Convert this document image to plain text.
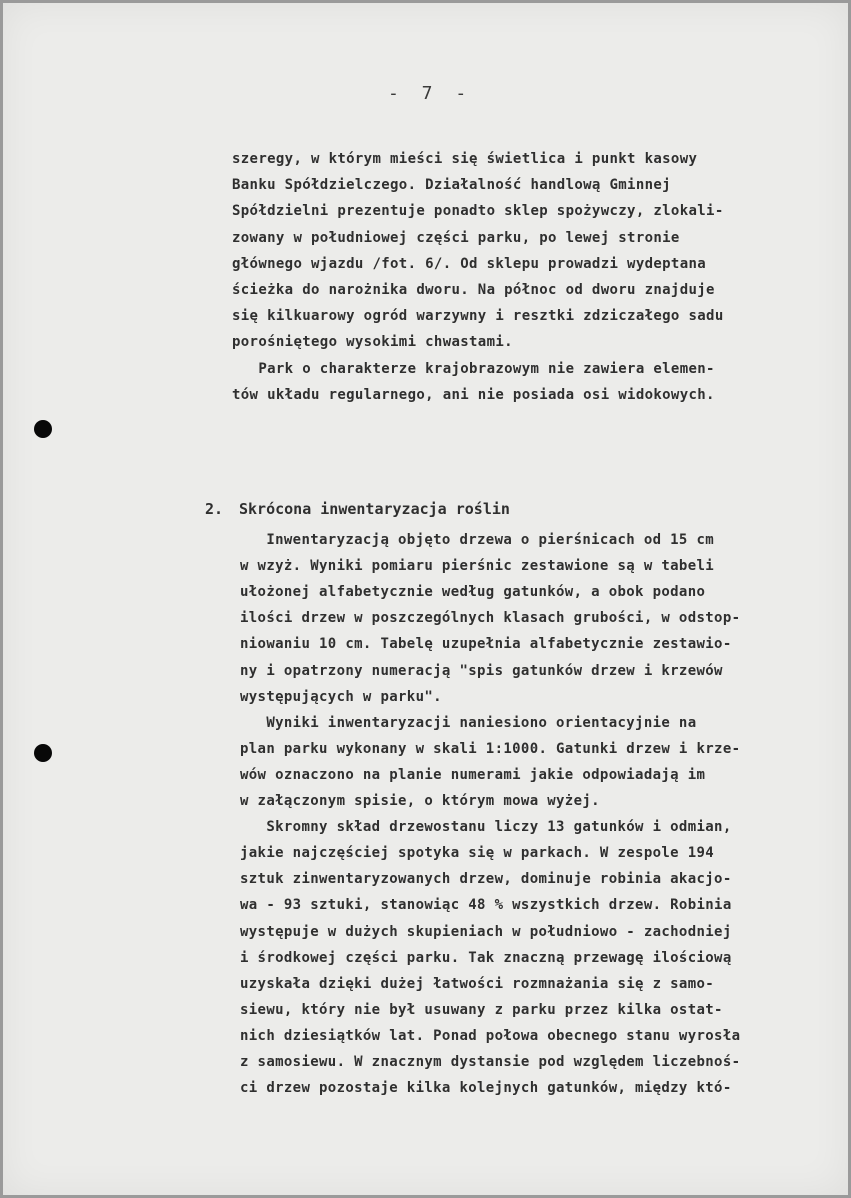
- 7 -
szeregy, w którym mieści się świetlica i punkt kasowy
Banku Spółdzielczego. Działalność handlową Gminnej
Spółdzielni prezentuje ponadto sklep spożywczy, zlokali-
zowany w południowej części parku, po lewej stronie
głównego wjazdu /fot. 6/. Od sklepu prowadzi wydeptana
ścieżka do narożnika dworu. Na północ od dworu znajduje
się kilkuarowy ogród warzywny i resztki zdziczałego sadu
porośniętego wysokimi chwastami.
Park o charakterze krajobrazowym nie zawiera elemen-
tów układu regularnego, ani nie posiada osi widokowych.
2. Skrócona inwentaryzacja roślin
Inwentaryzacją objęto drzewa o pierśnicach od 15 cm
w wzyż. Wyniki pomiaru pierśnic zestawione są w tabeli
ułożonej alfabetycznie według gatunków, a obok podano
ilości drzew w poszczególnych klasach grubości, w odstop-
niowaniu 10 cm. Tabelę uzupełnia alfabetycznie zestawio-
ny i opatrzony numeracją "spis gatunków drzew i krzewów
występujących w parku".
Wyniki inwentaryzacji naniesiono orientacyjnie na
plan parku wykonany w skali 1:1000. Gatunki drzew i krze-
wów oznaczono na planie numerami jakie odpowiadają im
w załączonym spisie, o którym mowa wyżej.
Skromny skład drzewostanu liczy 13 gatunków i odmian,
jakie najczęściej spotyka się w parkach. W zespole 194
sztuk zinwentaryzowanych drzew, dominuje robinia akacjo-
wa - 93 sztuki, stanowiąc 48 % wszystkich drzew. Robinia
występuje w dużych skupieniach w południowo - zachodniej
i środkowej części parku. Tak znaczną przewagę ilościową
uzyskała dzięki dużej łatwości rozmnażania się z samo-
siewu, który nie był usuwany z parku przez kilka ostat-
nich dziesiątków lat. Ponad połowa obecnego stanu wyrosła
z samosiewu. W znacznym dystansie pod względem liczebnoś-
ci drzew pozostaje kilka kolejnych gatunków, między któ-
